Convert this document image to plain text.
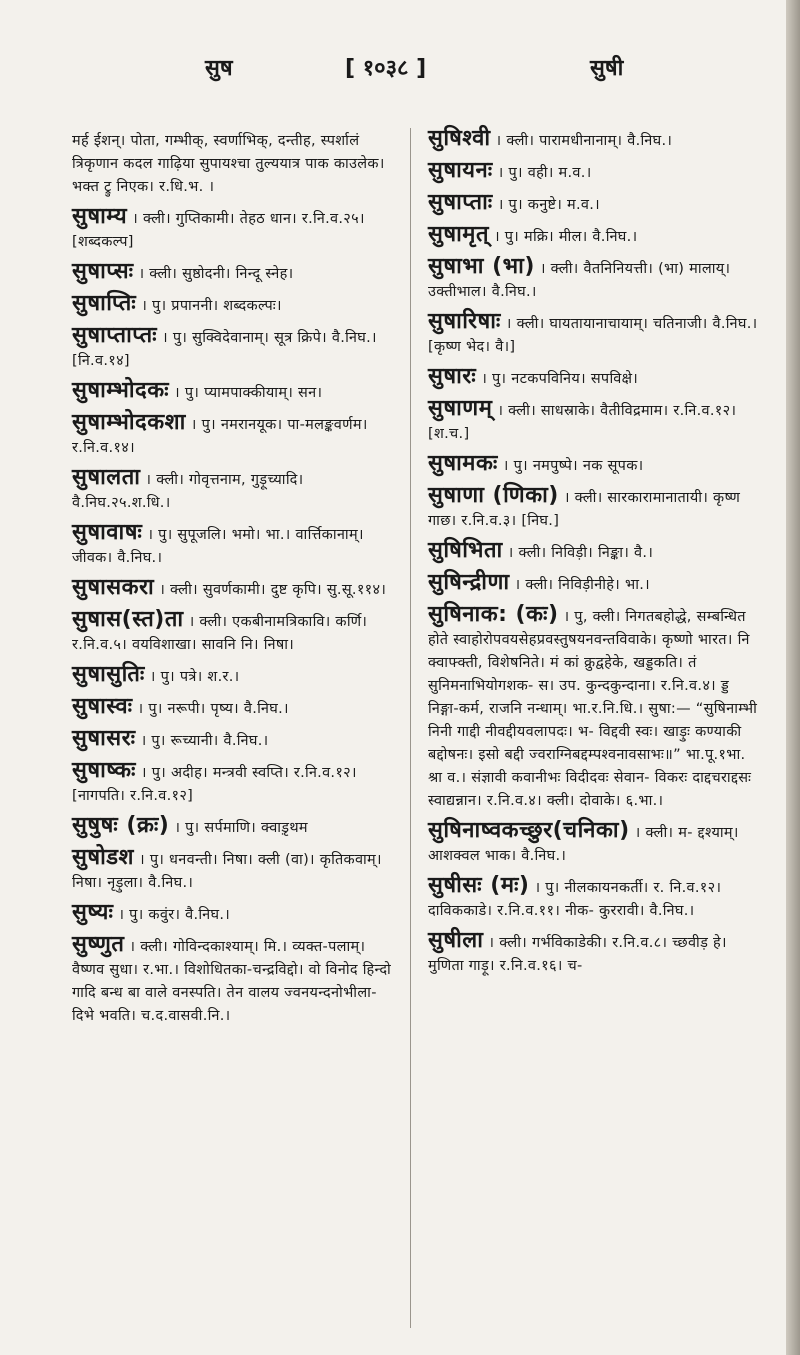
सुष	[ १०३८ ]	सुषी

मर्ह ईशन्। पोता, गम्भीक्, स्वर्णाभिक्, दन्तीह, स्पर्शालं त्रिकृणान कदल गाढ़िया सुपायश्चा तुल्ययात्र पाक काउलेक। भक्त ट्रु निएक। र.धि.भ. ।

सुषाम्य । क्ली। गुप्तिकामी। तेहठ धान। र.नि.व.२५। [शब्दकल्प]

सुषाप्सः । क्ली। सुष्ठोदनी। निन्दू स्नेह।

सुषाप्तिः । पु। प्रपाननी। शब्दकल्पः।

सुषाप्ताप्तः । पु। सुक्विदेवानाम्। सूत्र क्रिपे। वै.निघ.। [नि.व.१४]

सुषाम्भोदकः । पु। प्यामपाक्कीयाम्। सन।

सुषाम्भोदकशा । पु। नमरानयूक। पा-मलङ्कवर्णम। र.नि.व.१४।

सुषालता । क्ली। गोवृत्तनाम, गुड़ूच्यादि। वै.निघ.२५.श.धि.।

सुषावाषः । पु। सुपूजलि। भमो। भा.। वार्त्तिकानाम्। जीवक। वै.निघ.।

सुषासकरा । क्ली। सुवर्णकामी। दुष्ट कृपि। सु.सू.११४।

सुषास(स्त)ता । क्ली। एकबीनामत्रिकावि। कर्णि। र.नि.व.५। वयविशाखा। सावनि नि। निषा।

सुषासुतिः । पु। पत्रे। श.र.।

सुषास्वः । पु। नरूपी। पृष्य। वै.निघ.।

सुषासरः । पु। रूच्यानी। वै.निघ.।

सुषाष्कः । पु। अदीह। मन्त्रवी स्वप्ति। र.नि.व.१२। [नागपति। र.नि.व.१२]

सुषुषः (क्रः) । पु। सर्पमाणि। क्वाड़ृथम

सुषोडश । पु। धनवन्ती। निषा। क्ली (वा)। कृतिकवाम्। निषा। नृड़ुला। वै.निघ.।

सुष्यः । पु। कवुंर। वै.निघ.।

सुष्णुत । क्ली। गोविन्दकाश्याम्। मि.। व्यक्त-पलाम्। वैष्णव सुधा। र.भा.। विशोधितका-चन्द्रविद्दो। वो विनोद हिन्दो गादि बन्ध बा वाले वनस्पति। तेन वालय ज्वनयन्दनोभीला-दिभे भवति। च.द.वासवी.नि.।

सुषिश्वी । क्ली। पारामधीनानाम्। वै.निघ.।

सुषायनः । पु। वही। म.व.।

सुषाप्ताः । पु। कनुष्टे। म.व.।

सुषामृत् । पु। मक्रि। मील। वै.निघ.।

सुषाभा (भा) । क्ली। वैतनिनियत्ती। (भा) मालाय्। उक्तीभाल। वै.निघ.।

सुषारिषाः । क्ली। घायतायानाचायाम्। चतिनाजी। वै.निघ.। [कृष्ण भेद। वै।]

सुषारः । पु। नटकपविनिय। सपविक्षे।

सुषाणम् । क्ली। साधस्राके। वैतीविद्रमाम। र.नि.व.१२। [श.च.]

सुषामकः । पु। नमपुष्पे। नक सूपक।

सुषाणा (णिका) । क्ली। सारकारामानातायी। कृष्ण गाछ। र.नि.व.३। [निघ.]

सुषिभिता । क्ली। निविड़ी। निङ्का। वै.।

सुषिन्द्रीणा । क्ली। निविड़ीनीहे। भा.।

सुषिनाक: (कः) । पु, क्ली। निगतबहोद्धे, सम्बन्धित होते स्वाहोरोपवयसेहप्रवस्तुषयनवन्तविवाके। कृष्णो भारत। नि क्वाफ्क्ती, विशेषनिते। मं कां क्रुद्वहेके, खड्डकति। तं सुनिमनाभियोगशक- स। उप. कुन्दकुन्दाना। र.नि.व.४। ड्ड निङ्गा-कर्म, राजनि नन्धाम्। भा.र.नि.धि.। सुषा:— “सुषिनाम्भी निनी गाद्दी नीवद्दीयवलापदः। भ- विद्दवी स्वः। खाड़ुः कण्याकी बद्दोषनः। इसो बद्दी ज्वराग्निबद्दम्पश्वनावसाभः॥” भा.पू.१भा. श्रा व.। संज्ञावी कवानीभः विदीदवः सेवान- विकरः दाद्दचराद्दसः स्वाद्यन्नान। र.नि.व.४। क्ली। दोवाके। ६.भा.।

सुषिनाष्वकच्छुर(चनिका) । क्ली। म- द्दश्याम्। आशक्वल भाक। वै.निघ.।

सुषीसः (मः) । पु। नीलकायनकर्ती। र. नि.व.१२। दाविककाडे। र.नि.व.११। नीक- कुररावी। वै.निघ.।

सुषीला । क्ली। गर्भविकाडेकी। र.नि.व.८। च्छवीड़ हे। मुणिता गाड़ू। र.नि.व.१६। च-
